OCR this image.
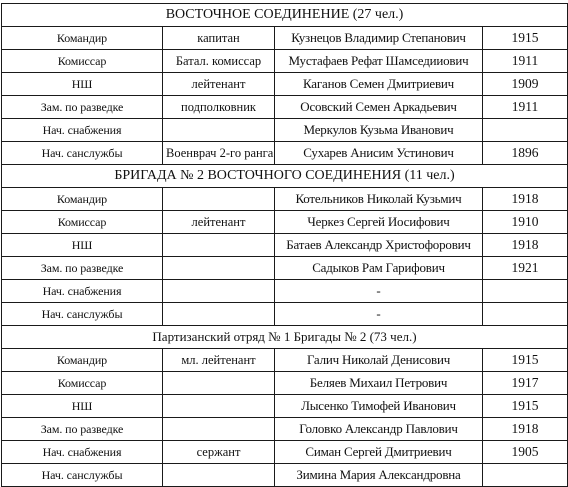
ВОСТОЧНОЕ СОЕДИНЕНИЕ (27 чел.)			
Командир	капитан	Кузнецов Владимир Степанович	1915
Комиссар	Батал. комиссар	Мустафаев Рефат Шамседииович	1911
НШ	лейтенант	Каганов Семен Дмитриевич	1909
Зам. по разведке	подполковник	Осовский Семен Аркадьевич	1911
Нач. снабжения		Меркулов Кузьма Иванович	
Нач. санслужбы	Военврач 2-го ранга	Сухарев Анисим Устинович	1896
БРИГАДА № 2 ВОСТОЧНОГО СОЕДИНЕНИЯ (11 чел.)			
Командир		Котельников Николай Кузьмич	1918
Комиссар	лейтенант	Черкез Сергей Иосифович	1910
НШ		Батаев Александр Христофорович	1918
Зам. по разведке		Садыков Рам Гарифович	1921
Нач. снабжения		-	
Нач. санслужбы		-	
Партизанский отряд № 1 Бригады № 2 (73 чел.)			
Командир	мл. лейтенант	Галич Николай Денисович	1915
Комиссар		Беляев Михаил Петрович	1917
НШ		Лысенко Тимофей Иванович	1915
Зам. по разведке		Головко Александр Павлович	1918
Нач. снабжения	сержант	Симан Сергей Дмитриевич	1905
Нач. санслужбы		Зимина Мария Александровна	
